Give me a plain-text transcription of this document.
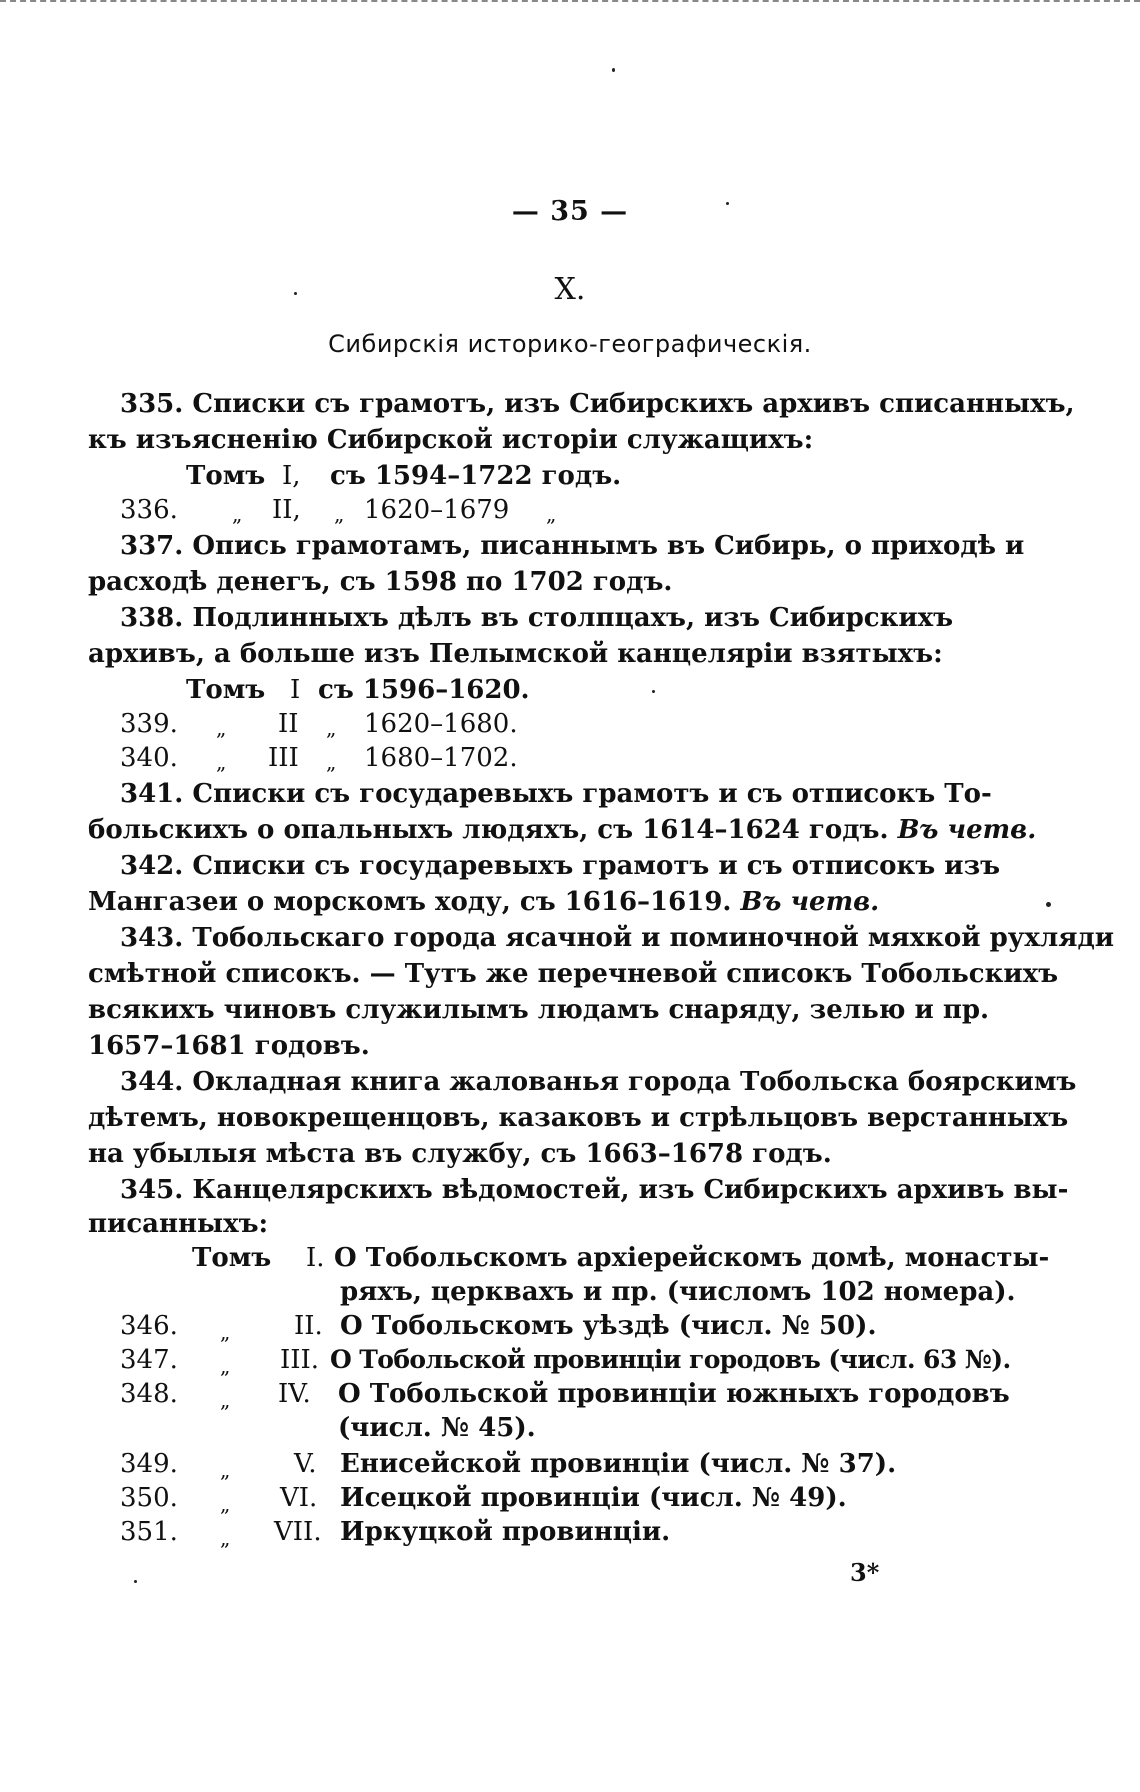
— 35 —
X.
Сибирскія историко-географическія.
335. Списки съ грамотъ, изъ Сибирскихъ архивъ списанныхъ,
къ изъясненію Сибирской исторіи служащихъ:
Томъ I, съ 1594–1722 годъ.
336.	„ II, „ 1620–1679 „
337. Опись грамотамъ, писаннымъ въ Сибирь, о приходѣ и
расходѣ денегъ, съ 1598 по 1702 годъ.
338. Подлинныхъ дѣлъ въ столпцахъ, изъ Сибирскихъ
архивъ, а больше изъ Пелымской канцеляріи взятыхъ:
Томъ I съ 1596–1620.
339. „ II „ 1620–1680.
340. „ III „ 1680–1702.
341. Списки съ государевыхъ грамотъ и съ отписокъ То-
больскихъ о опальныхъ людяхъ, съ 1614–1624 годъ. Въ четв.
342. Списки съ государевыхъ грамотъ и съ отписокъ изъ
Мангазеи о морскомъ ходу, съ 1616–1619. Въ четв.
343. Тобольскаго города ясачной и поминочной мяхкой рухляди
смѣтной списокъ. — Тутъ же перечневой списокъ Тобольскихъ
всякихъ чиновъ служилымъ людамъ снаряду, зелью и пр.
1657–1681 годовъ.
344. Окладная книга жалованья города Тобольска боярскимъ
дѣтемъ, новокрещенцовъ, казаковъ и стрѣльцовъ верстанныхъ
на убылыя мѣста въ службу, съ 1663–1678 годъ.
345. Канцелярскихъ вѣдомостей, изъ Сибирскихъ архивъ вы-
писанныхъ:
Томъ I. О Тобольскомъ архіерейскомъ домѣ, монасты-
ряхъ, церквахъ и пр. (числомъ 102 номера).
346. „ II. О Тобольскомъ уѣздѣ (числ. № 50).
347. „ III. О Тобольской провинціи городовъ (числ. 63 №).
348. „ IV. О Тобольской провинціи южныхъ городовъ
(числ. № 45).
349. „ V. Енисейской провинціи (числ. № 37).
350. „ VI. Исецкой провинціи (числ. № 49).
351. „ VII. Иркуцкой провинціи.
3*
